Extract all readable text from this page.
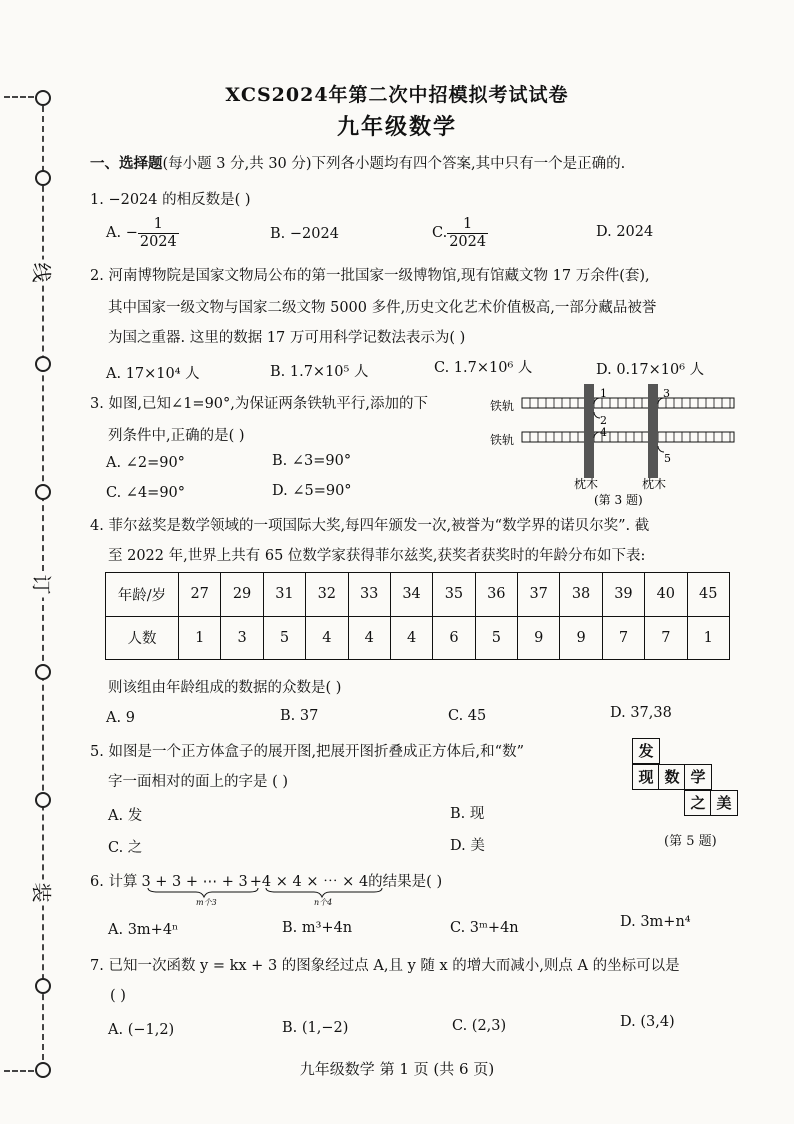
线
订
装
XCS2024年第二次中招模拟考试试卷
九年级数学
一、选择题(每小题 3 分,共 30 分)下列各小题均有四个答案,其中只有一个是正确的.
1. −2024 的相反数是( )
A. − $\frac{1}{2024}$	B. −2024	C. $\frac{1}{2024}$	D. 2024
2. 河南博物院是国家文物局公布的第一批国家一级博物馆,现有馆藏文物 17 万余件(套),
其中国家一级文物与国家二级文物 5000 多件,历史文化艺术价值极高,一部分藏品被誉
为国之重器. 这里的数据 17 万可用科学记数法表示为( )
A. 17×10⁴ 人	B. 1.7×10⁵ 人	C. 1.7×10⁶ 人	D. 0.17×10⁶ 人
3. 如图,已知∠1=90°,为保证两条铁轨平行,添加的下
列条件中,正确的是( )
A. ∠2=90°	B. ∠3=90°
C. ∠4=90°	D. ∠5=90°
铁轨
铁轨
1
2
3
4
5
枕木	枕木
(第 3 题)
4. 菲尔兹奖是数学领域的一项国际大奖,每四年颁发一次,被誉为“数学界的诺贝尔奖”. 截
至 2022 年,世界上共有 65 位数学家获得菲尔兹奖,获奖者获奖时的年龄分布如下表:
年龄/岁	27	29	31	32	33	34	35	36	37	38	39	40	45
人数	1	3	5	4	4	4	6	5	9	9	7	7	1
则该组由年龄组成的数据的众数是( )
A. 9	B. 37	C. 45	D. 37,38
5. 如图是一个正方体盒子的展开图,把展开图折叠成正方体后,和“数”
字一面相对的面上的字是 ( )
A. 发	B. 现
C. 之	D. 美
发
现 数 学
之 美
(第 5 题)
6. 计算 3 + 3 + ⋯ + 3 +4 × 4 × ⋯ × 4的结果是( )
m个3	n个4
A. 3m+4ⁿ	B. m³+4n	C. 3ᵐ+4n	D. 3m+n⁴
7. 已知一次函数 y = kx + 3 的图象经过点 A,且 y 随 x 的增大而减小,则点 A 的坐标可以是
( )
A. (−1,2)	B. (1,−2)	C. (2,3)	D. (3,4)
九年级数学 第 1 页 (共 6 页)
